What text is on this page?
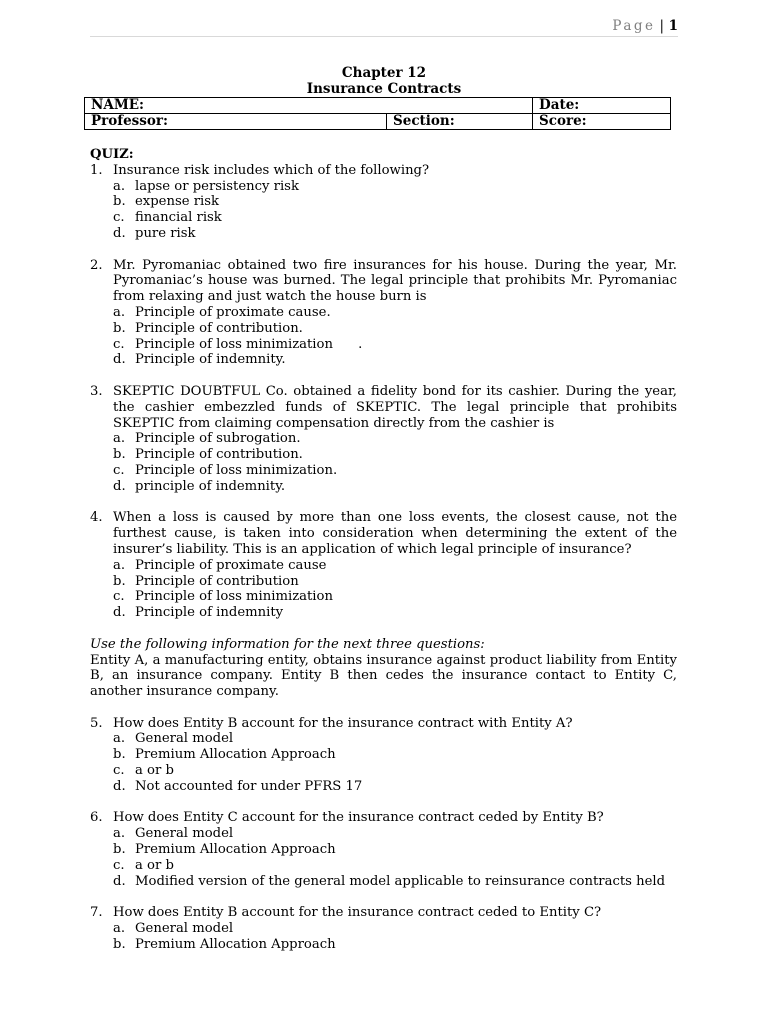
Page | 1
Chapter 12
Insurance Contracts
NAME:		Date:
Professor:	Section:	Score:
QUIZ:
1. Insurance risk includes which of the following?
a. lapse or persistency risk
b. expense risk
c. financial risk
d. pure risk
2. Mr. Pyromaniac obtained two fire insurances for his house. During the year, Mr. Pyromaniac’s house was burned. The legal principle that prohibits Mr. Pyromaniac from relaxing and just watch the house burn is
a. Principle of proximate cause.
b. Principle of contribution.
c. Principle of loss minimization      .
d. Principle of indemnity.
3. SKEPTIC DOUBTFUL Co. obtained a fidelity bond for its cashier. During the year, the cashier embezzled funds of SKEPTIC. The legal principle that prohibits SKEPTIC from claiming compensation directly from the cashier is
a. Principle of subrogation.
b. Principle of contribution.
c. Principle of loss minimization.
d. principle of indemnity.
4. When a loss is caused by more than one loss events, the closest cause, not the furthest cause, is taken into consideration when determining the extent of the insurer’s liability. This is an application of which legal principle of insurance?
a. Principle of proximate cause
b. Principle of contribution
c. Principle of loss minimization
d. Principle of indemnity
Use the following information for the next three questions:
Entity A, a manufacturing entity, obtains insurance against product liability from Entity B, an insurance company. Entity B then cedes the insurance contact to Entity C, another insurance company.
5. How does Entity B account for the insurance contract with Entity A?
a. General model
b. Premium Allocation Approach
c. a or b
d. Not accounted for under PFRS 17
6. How does Entity C account for the insurance contract ceded by Entity B?
a. General model
b. Premium Allocation Approach
c. a or b
d. Modified version of the general model applicable to reinsurance contracts held
7. How does Entity B account for the insurance contract ceded to Entity C?
a. General model
b. Premium Allocation Approach
